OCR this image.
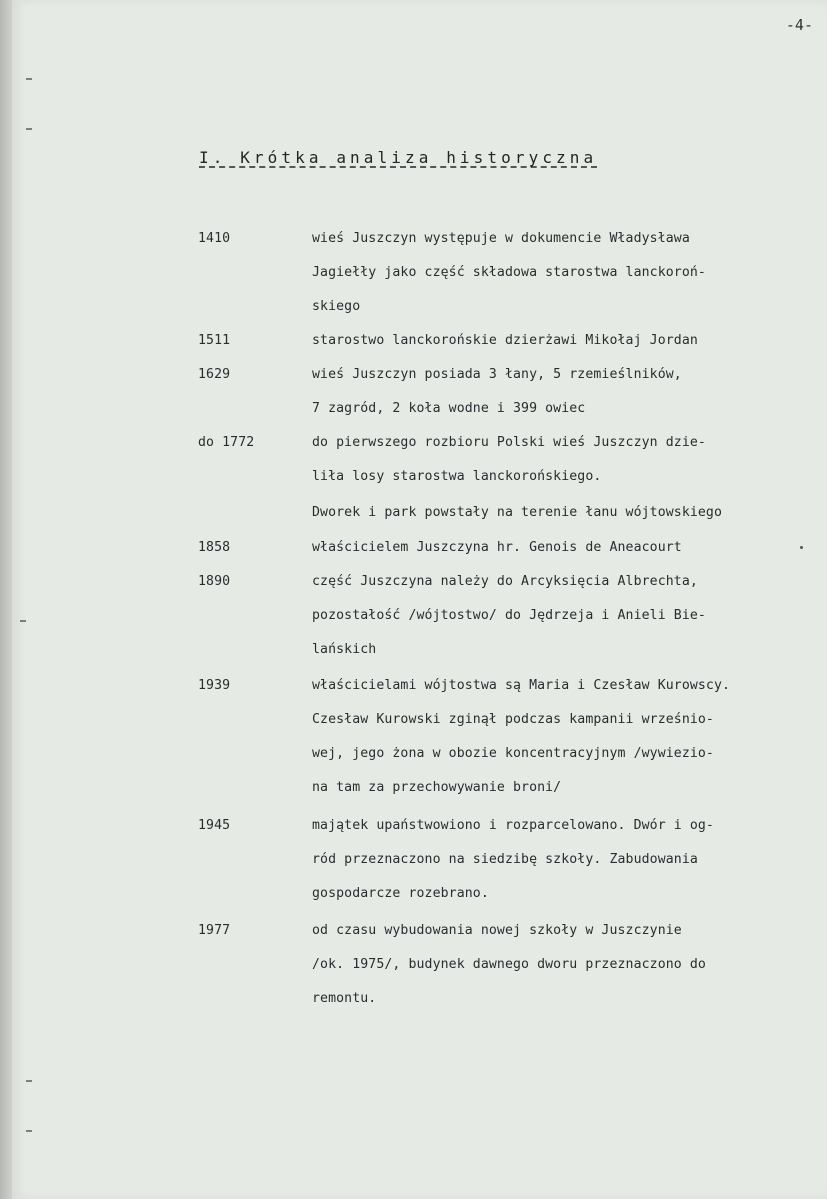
-4-
I. Krótka analiza historyczna
1410	wieś Juszczyn występuje w dokumencie Władysława
Jagiełły jako część składowa starostwa lanckoroń-
skiego
1511	starostwo lanckorońskie dzierżawi Mikołaj Jordan
1629	wieś Juszczyn posiada 3 łany, 5 rzemieślników,
7 zagród, 2 koła wodne i 399 owiec
do 1772	do pierwszego rozbioru Polski wieś Juszczyn dzie-
liła losy starostwa lanckorońskiego.
Dworek i park powstały na terenie łanu wójtowskiego
1858	właścicielem Juszczyna hr. Genois de Aneacourt
1890	część Juszczyna należy do Arcyksięcia Albrechta,
pozostałość /wójtostwo/ do Jędrzeja i Anieli Bie-
lańskich
1939	właścicielami wójtostwa są Maria i Czesław Kurowscy.
Czesław Kurowski zginął podczas kampanii wrześnio-
wej, jego żona w obozie koncentracyjnym /wywiezio-
na tam za przechowywanie broni/
1945	majątek upaństwowiono i rozparcelowano. Dwór i og-
ród przeznaczono na siedzibę szkoły. Zabudowania
gospodarcze rozebrano.
1977	od czasu wybudowania nowej szkoły w Juszczynie
/ok. 1975/, budynek dawnego dworu przeznaczono do
remontu.
